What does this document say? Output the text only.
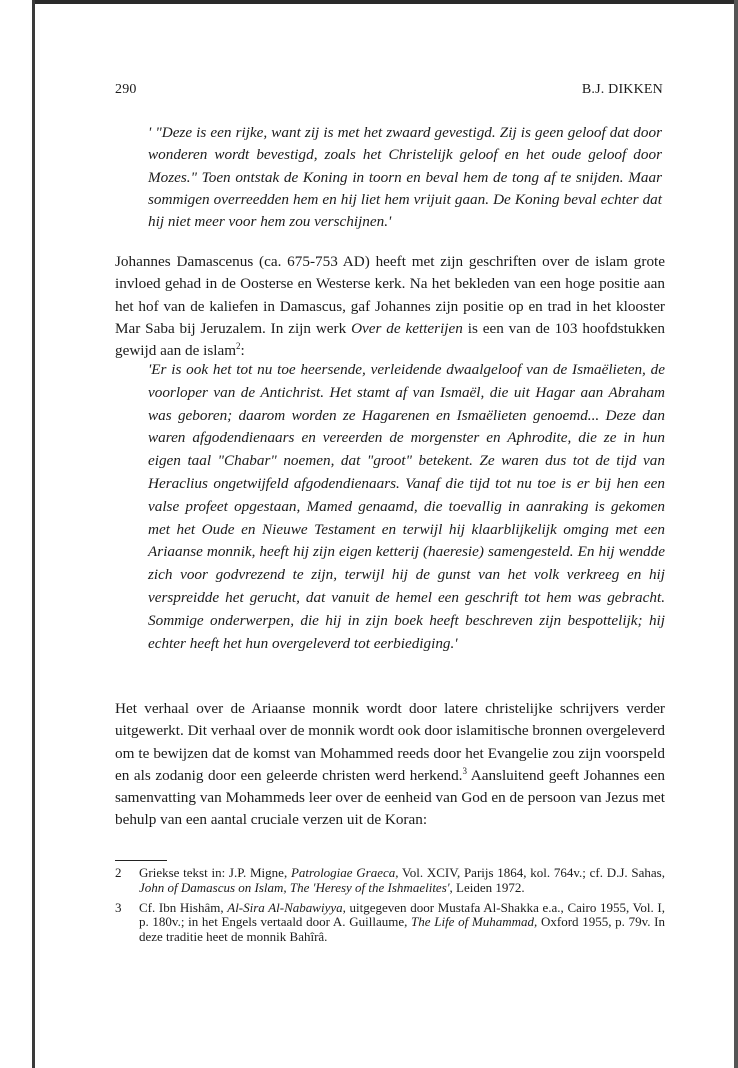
290	B.J. DIKKEN
' "Deze is een rijke, want zij is met het zwaard gevestigd. Zij is geen geloof dat door wonderen wordt bevestigd, zoals het Christelijk geloof en het oude geloof door Mozes." Toen ontstak de Koning in toorn en beval hem de tong af te snijden. Maar sommigen overreedden hem en hij liet hem vrijuit gaan. De Koning beval echter dat hij niet meer voor hem zou verschijnen.'

Johannes Damascenus (ca. 675-753 AD) heeft met zijn geschriften over de islam grote invloed gehad in de Oosterse en Westerse kerk. Na het bekleden van een hoge positie aan het hof van de kaliefen in Damascus, gaf Johannes zijn positie op en trad in het klooster Mar Saba bij Jeruzalem. In zijn werk Over de ketterijen is een van de 103 hoofdstukken gewijd aan de islam$^2$:

'Er is ook het tot nu toe heersende, verleidende dwaalgeloof van de Ismaëlieten, de voorloper van de Antichrist. Het stamt af van Ismaël, die uit Hagar aan Abraham was geboren; daarom worden ze Hagarenen en Ismaëlieten genoemd... Deze dan waren afgodendienaars en vereerden de morgenster en Aphrodite, die ze in hun eigen taal "Chabar" noemen, dat "groot" betekent. Ze waren dus tot de tijd van Heraclius ongetwijfeld afgodendienaars. Vanaf die tijd tot nu toe is er bij hen een valse profeet opgestaan, Mamed genaamd, die toevallig in aanraking is gekomen met het Oude en Nieuwe Testament en terwijl hij klaarblijkelijk omging met een Ariaanse monnik, heeft hij zijn eigen ketterij (haeresie) samengesteld. En hij wendde zich voor godvrezend te zijn, terwijl hij de gunst van het volk verkreeg en hij verspreidde het gerucht, dat vanuit de hemel een geschrift tot hem was gebracht. Sommige onderwerpen, die hij in zijn boek heeft beschreven zijn bespottelijk; hij echter heeft het hun overgeleverd tot eerbiediging.'

Het verhaal over de Ariaanse monnik wordt door latere christelijke schrijvers verder uitgewerkt. Dit verhaal over de monnik wordt ook door islamitische bronnen overgeleverd om te bewijzen dat de komst van Mohammed reeds door het Evangelie zou zijn voorspeld en als zodanig door een geleerde christen werd herkend.$^3$ Aansluitend geeft Johannes een samenvatting van Mohammeds leer over de eenheid van God en de persoon van Jezus met behulp van een aantal cruciale verzen uit de Koran:

2	Griekse tekst in: J.P. Migne, Patrologiae Graeca, Vol. XCIV, Parijs 1864, kol. 764v.; cf. D.J. Sahas, John of Damascus on Islam, The 'Heresy of the Ishmaelites', Leiden 1972.
3	Cf. Ibn Hishâm, Al-Sira Al-Nabawiyya, uitgegeven door Mustafa Al-Shakka e.a., Cairo 1955, Vol. I, p. 180v.; in het Engels vertaald door A. Guillaume, The Life of Muhammad, Oxford 1955, p. 79v. In deze traditie heet de monnik Bahîrâ.
